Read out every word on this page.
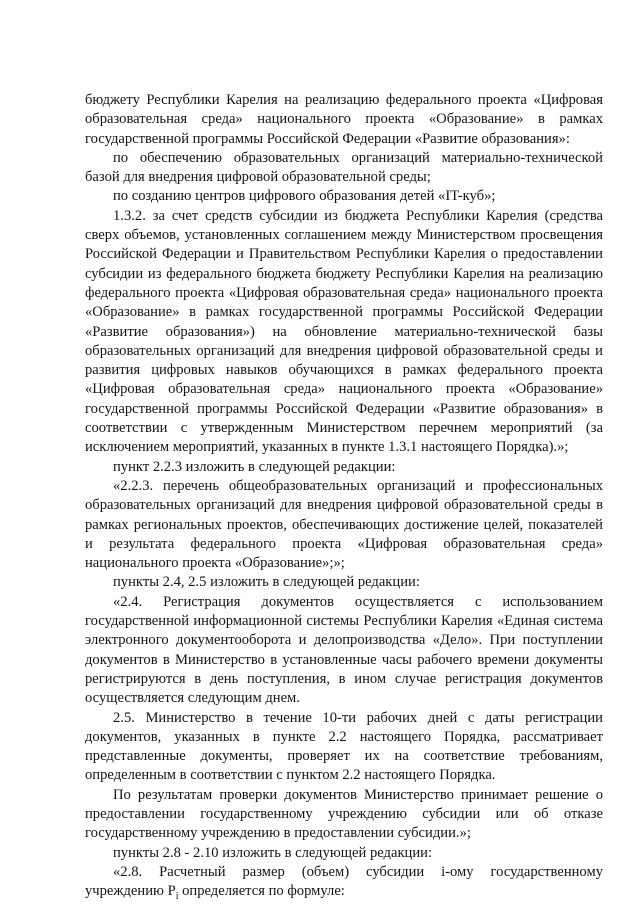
бюджету Республики Карелия на реализацию федерального проекта «Цифровая образовательная среда» национального проекта «Образование» в рамках государственной программы Российской Федерации «Развитие образования»:

по обеспечению образовательных организаций материально-технической базой для внедрения цифровой образовательной среды;

по созданию центров цифрового образования детей «IT-куб»;

1.3.2. за счет средств субсидии из бюджета Республики Карелия (средства сверх объемов, установленных соглашением между Министерством просвещения Российской Федерации и Правительством Республики Карелия о предоставлении субсидии из федерального бюджета бюджету Республики Карелия на реализацию федерального проекта «Цифровая образовательная среда» национального проекта «Образование» в рамках государственной программы Российской Федерации «Развитие образования») на обновление материально-технической базы образовательных организаций для внедрения цифровой образовательной среды и развития цифровых навыков обучающихся в рамках федерального проекта «Цифровая образовательная среда» национального проекта «Образование» государственной программы Российской Федерации «Развитие образования» в соответствии с утвержденным Министерством перечнем мероприятий (за исключением мероприятий, указанных в пункте 1.3.1 настоящего Порядка).»;

пункт 2.2.3 изложить в следующей редакции:

«2.2.3. перечень общеобразовательных организаций и профессиональных образовательных организаций для внедрения цифровой образовательной среды в рамках региональных проектов, обеспечивающих достижение целей, показателей и результата федерального проекта «Цифровая образовательная среда» национального проекта «Образование»;»;

пункты 2.4, 2.5 изложить в следующей редакции:

«2.4. Регистрация документов осуществляется с использованием государственной информационной системы Республики Карелия «Единая система электронного документооборота и делопроизводства «Дело». При поступлении документов в Министерство в установленные часы рабочего времени документы регистрируются в день поступления, в ином случае регистрация документов осуществляется следующим днем.

2.5. Министерство в течение 10-ти рабочих дней с даты регистрации документов, указанных в пункте 2.2 настоящего Порядка, рассматривает представленные документы, проверяет их на соответствие требованиям, определенным в соответствии с пунктом 2.2 настоящего Порядка.

По результатам проверки документов Министерство принимает решение о предоставлении государственному учреждению субсидии или об отказе государственному учреждению в предоставлении субсидии.»;

пункты 2.8 - 2.10 изложить в следующей редакции:

«2.8. Расчетный размер (объем) субсидии i-ому государственному учреждению $P_i$ определяется по формуле:
